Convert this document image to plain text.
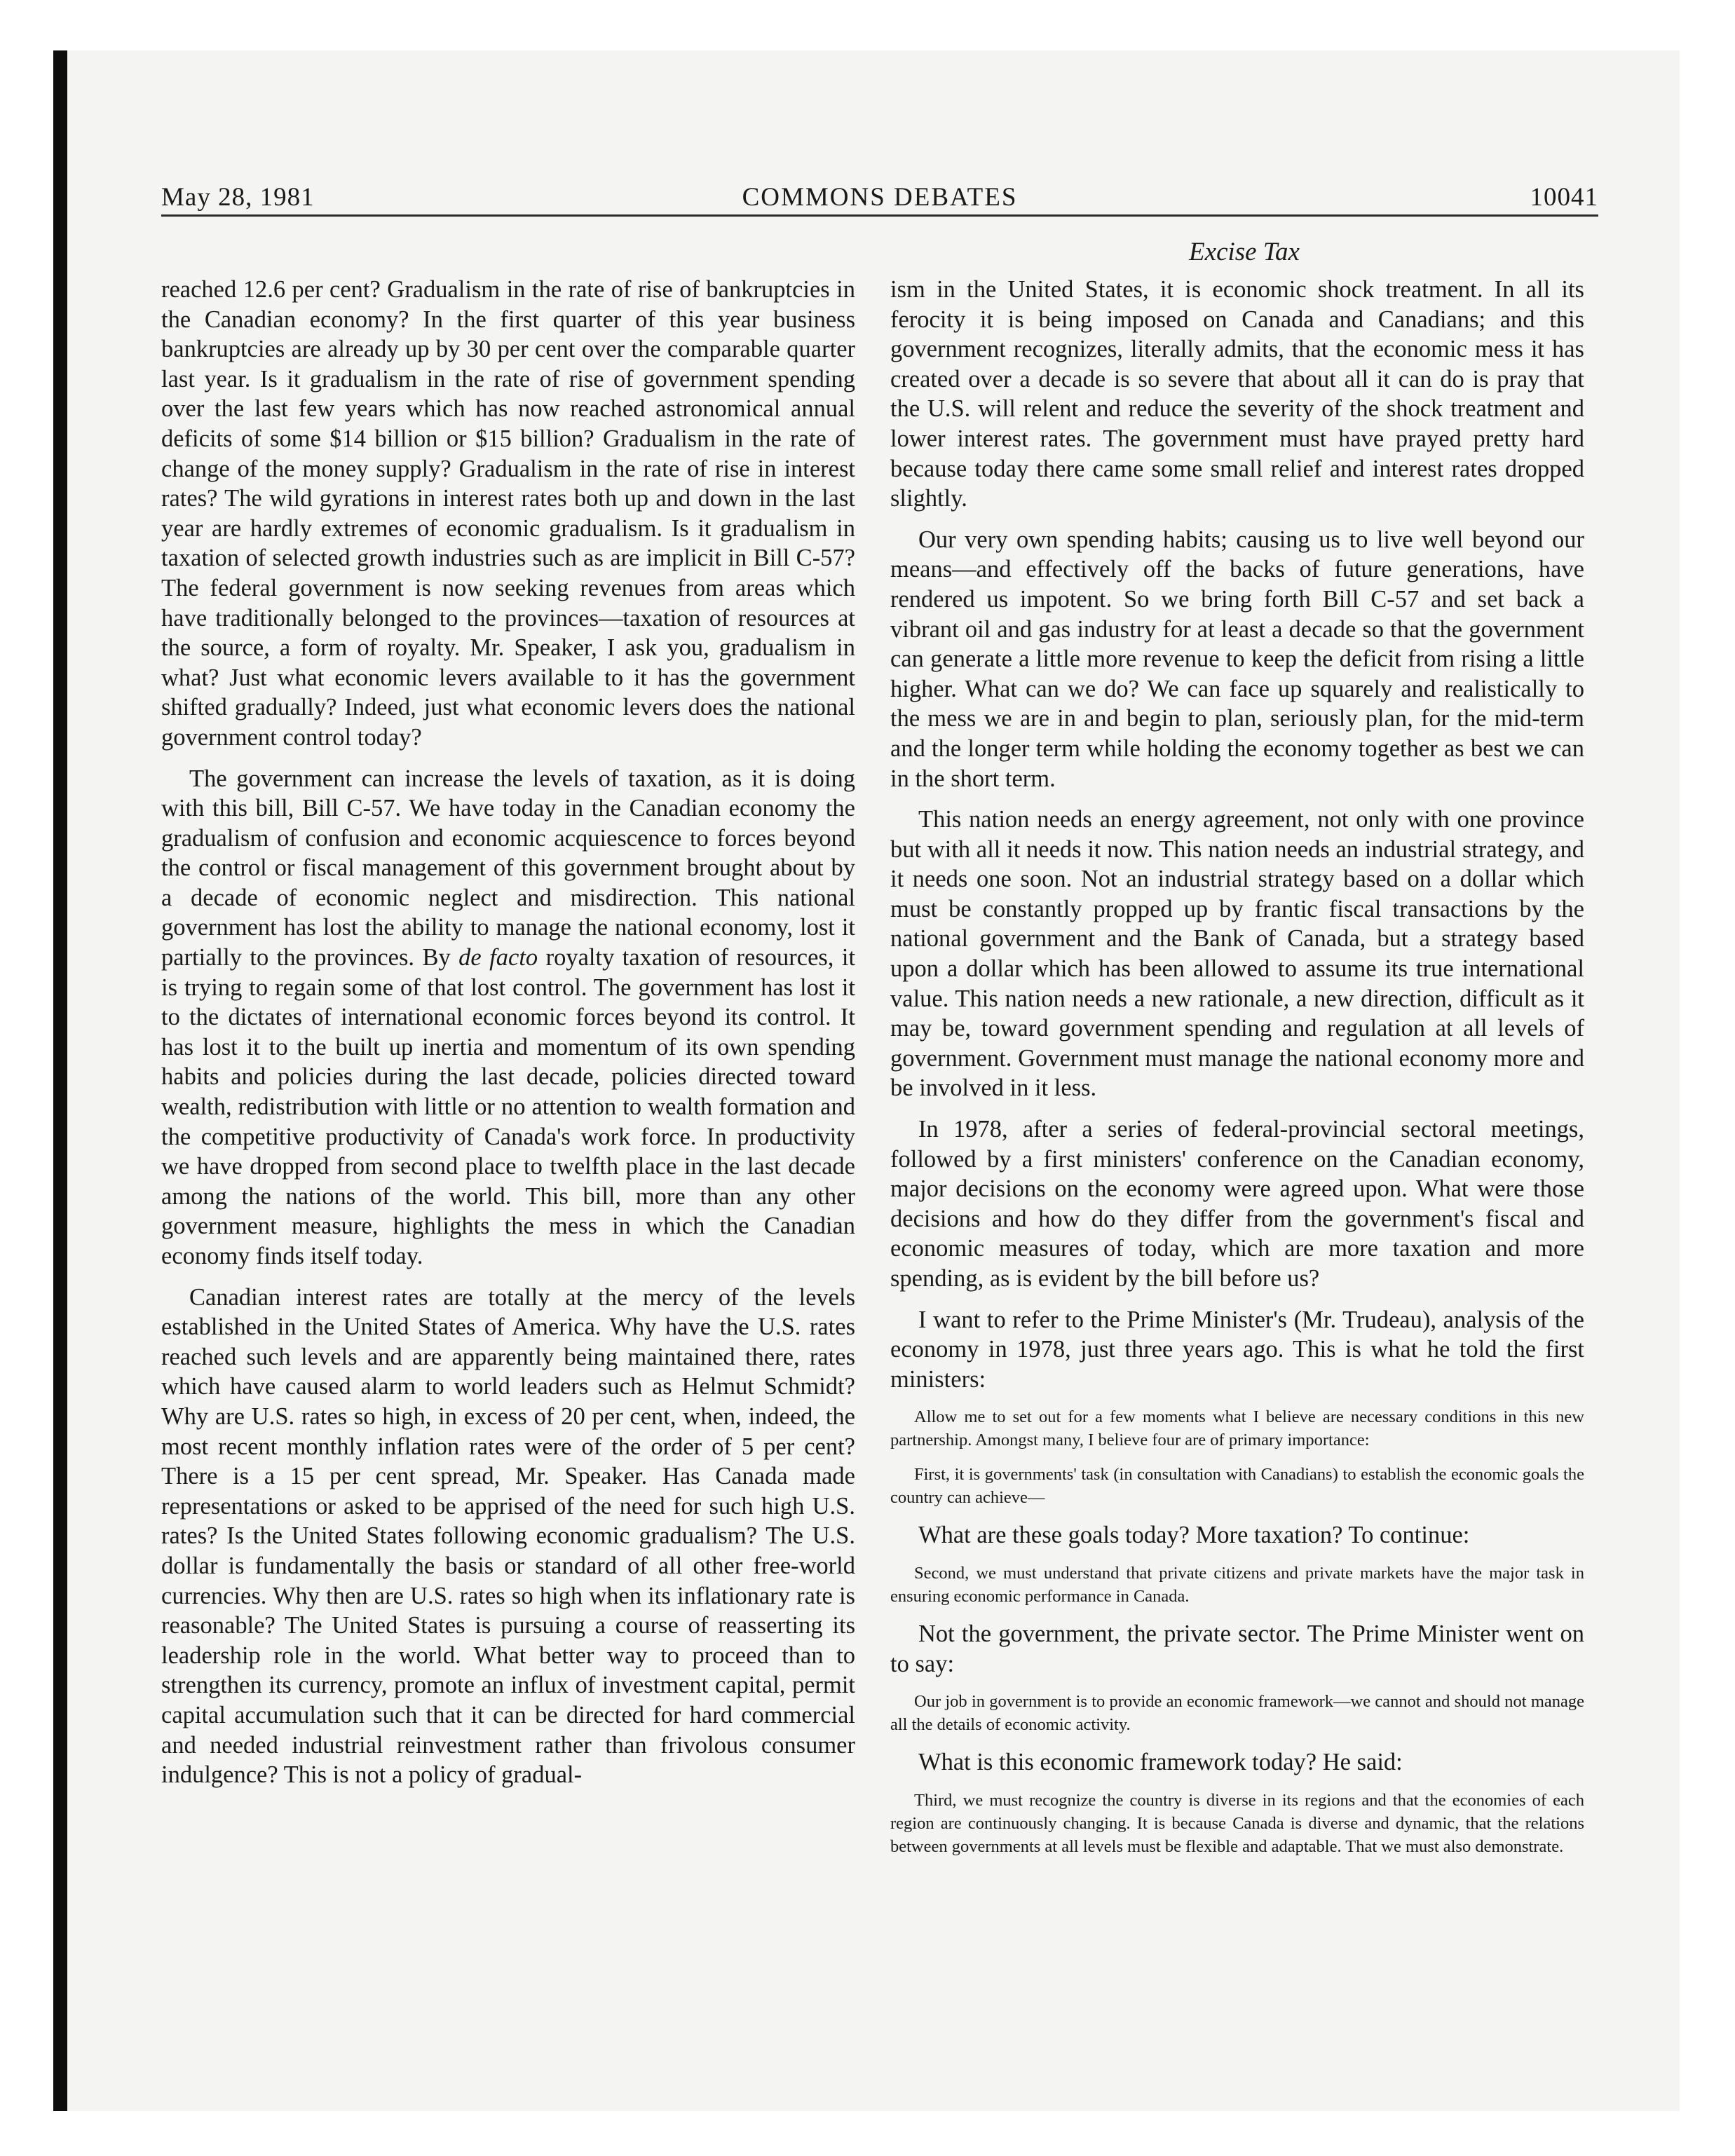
May 28, 1981	COMMONS DEBATES	10041
Excise Tax

reached 12.6 per cent? Gradualism in the rate of rise of bankruptcies in the Canadian economy? In the first quarter of this year business bankruptcies are already up by 30 per cent over the comparable quarter last year. Is it gradualism in the rate of rise of government spending over the last few years which has now reached astronomical annual deficits of some $14 billion or $15 billion? Gradualism in the rate of change of the money supply? Gradualism in the rate of rise in interest rates? The wild gyrations in interest rates both up and down in the last year are hardly extremes of economic gradualism. Is it gradualism in taxation of selected growth industries such as are implicit in Bill C-57? The federal government is now seeking revenues from areas which have traditionally belonged to the provinces—taxation of resources at the source, a form of royalty. Mr. Speaker, I ask you, gradualism in what? Just what economic levers available to it has the government shifted gradually? Indeed, just what economic levers does the national government control today?

The government can increase the levels of taxation, as it is doing with this bill, Bill C-57. We have today in the Canadian economy the gradualism of confusion and economic acquiescence to forces beyond the control or fiscal management of this government brought about by a decade of economic neglect and misdirection. This national government has lost the ability to manage the national economy, lost it partially to the provinces. By de facto royalty taxation of resources, it is trying to regain some of that lost control. The government has lost it to the dictates of international economic forces beyond its control. It has lost it to the built up inertia and momentum of its own spending habits and policies during the last decade, policies directed toward wealth, redistribution with little or no attention to wealth formation and the competitive productivity of Canada's work force. In productivity we have dropped from second place to twelfth place in the last decade among the nations of the world. This bill, more than any other government measure, highlights the mess in which the Canadian economy finds itself today.

Canadian interest rates are totally at the mercy of the levels established in the United States of America. Why have the U.S. rates reached such levels and are apparently being maintained there, rates which have caused alarm to world leaders such as Helmut Schmidt? Why are U.S. rates so high, in excess of 20 per cent, when, indeed, the most recent monthly inflation rates were of the order of 5 per cent? There is a 15 per cent spread, Mr. Speaker. Has Canada made representations or asked to be apprised of the need for such high U.S. rates? Is the United States following economic gradualism? The U.S. dollar is fundamentally the basis or standard of all other free-world currencies. Why then are U.S. rates so high when its inflationary rate is reasonable? The United States is pursuing a course of reasserting its leadership role in the world. What better way to proceed than to strengthen its currency, promote an influx of investment capital, permit capital accumulation such that it can be directed for hard commercial and needed industrial reinvestment rather than frivolous consumer indulgence? This is not a policy of gradual-

ism in the United States, it is economic shock treatment. In all its ferocity it is being imposed on Canada and Canadians; and this government recognizes, literally admits, that the economic mess it has created over a decade is so severe that about all it can do is pray that the U.S. will relent and reduce the severity of the shock treatment and lower interest rates. The government must have prayed pretty hard because today there came some small relief and interest rates dropped slightly.

Our very own spending habits; causing us to live well beyond our means—and effectively off the backs of future generations, have rendered us impotent. So we bring forth Bill C-57 and set back a vibrant oil and gas industry for at least a decade so that the government can generate a little more revenue to keep the deficit from rising a little higher. What can we do? We can face up squarely and realistically to the mess we are in and begin to plan, seriously plan, for the mid-term and the longer term while holding the economy together as best we can in the short term.

This nation needs an energy agreement, not only with one province but with all it needs it now. This nation needs an industrial strategy, and it needs one soon. Not an industrial strategy based on a dollar which must be constantly propped up by frantic fiscal transactions by the national government and the Bank of Canada, but a strategy based upon a dollar which has been allowed to assume its true international value. This nation needs a new rationale, a new direction, difficult as it may be, toward government spending and regulation at all levels of government. Government must manage the national economy more and be involved in it less.

In 1978, after a series of federal-provincial sectoral meetings, followed by a first ministers' conference on the Canadian economy, major decisions on the economy were agreed upon. What were those decisions and how do they differ from the government's fiscal and economic measures of today, which are more taxation and more spending, as is evident by the bill before us?

I want to refer to the Prime Minister's (Mr. Trudeau), analysis of the economy in 1978, just three years ago. This is what he told the first ministers:

Allow me to set out for a few moments what I believe are necessary conditions in this new partnership. Amongst many, I believe four are of primary importance:

First, it is governments' task (in consultation with Canadians) to establish the economic goals the country can achieve—

What are these goals today? More taxation? To continue:

Second, we must understand that private citizens and private markets have the major task in ensuring economic performance in Canada.

Not the government, the private sector. The Prime Minister went on to say:

Our job in government is to provide an economic framework—we cannot and should not manage all the details of economic activity.

What is this economic framework today? He said:

Third, we must recognize the country is diverse in its regions and that the economies of each region are continuously changing. It is because Canada is diverse and dynamic, that the relations between governments at all levels must be flexible and adaptable. That we must also demonstrate.
